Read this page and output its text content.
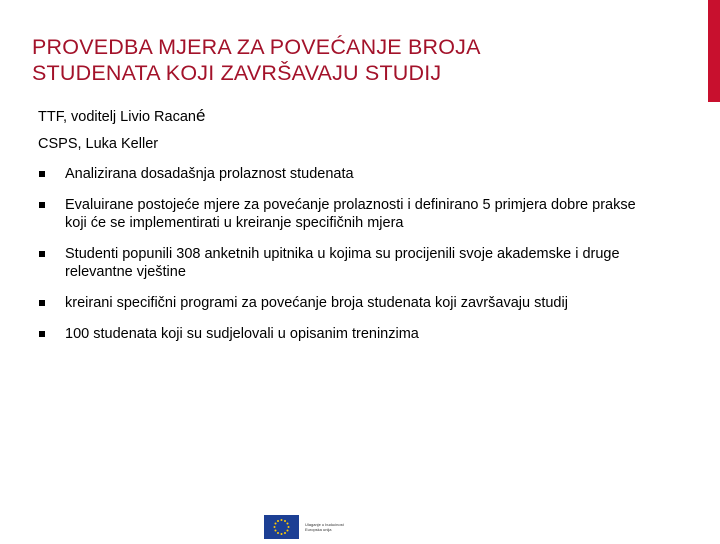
PROVEDBA MJERA ZA POVEĆANJE BROJA
STUDENATA KOJI ZAVRŠAVAJU STUDIJ
TTF, voditelj Livio Racané
CSPS, Luka Keller
Analizirana dosadašnja prolaznost studenata
Evaluirane postojeće mjere za povećanje prolaznosti i definirano 5 primjera dobre prakse koji će se implementirati u kreiranje specifičnih mjera
Studenti popunili 308 anketnih upitnika u kojima su procijenili svoje akademske i druge relevantne vještine
kreirani specifični programi za povećanje broja studenata koji završavaju studij
100 studenata koji su sudjelovali u opisanim treninzima
Ulaganje u budućnost
Europska unija
